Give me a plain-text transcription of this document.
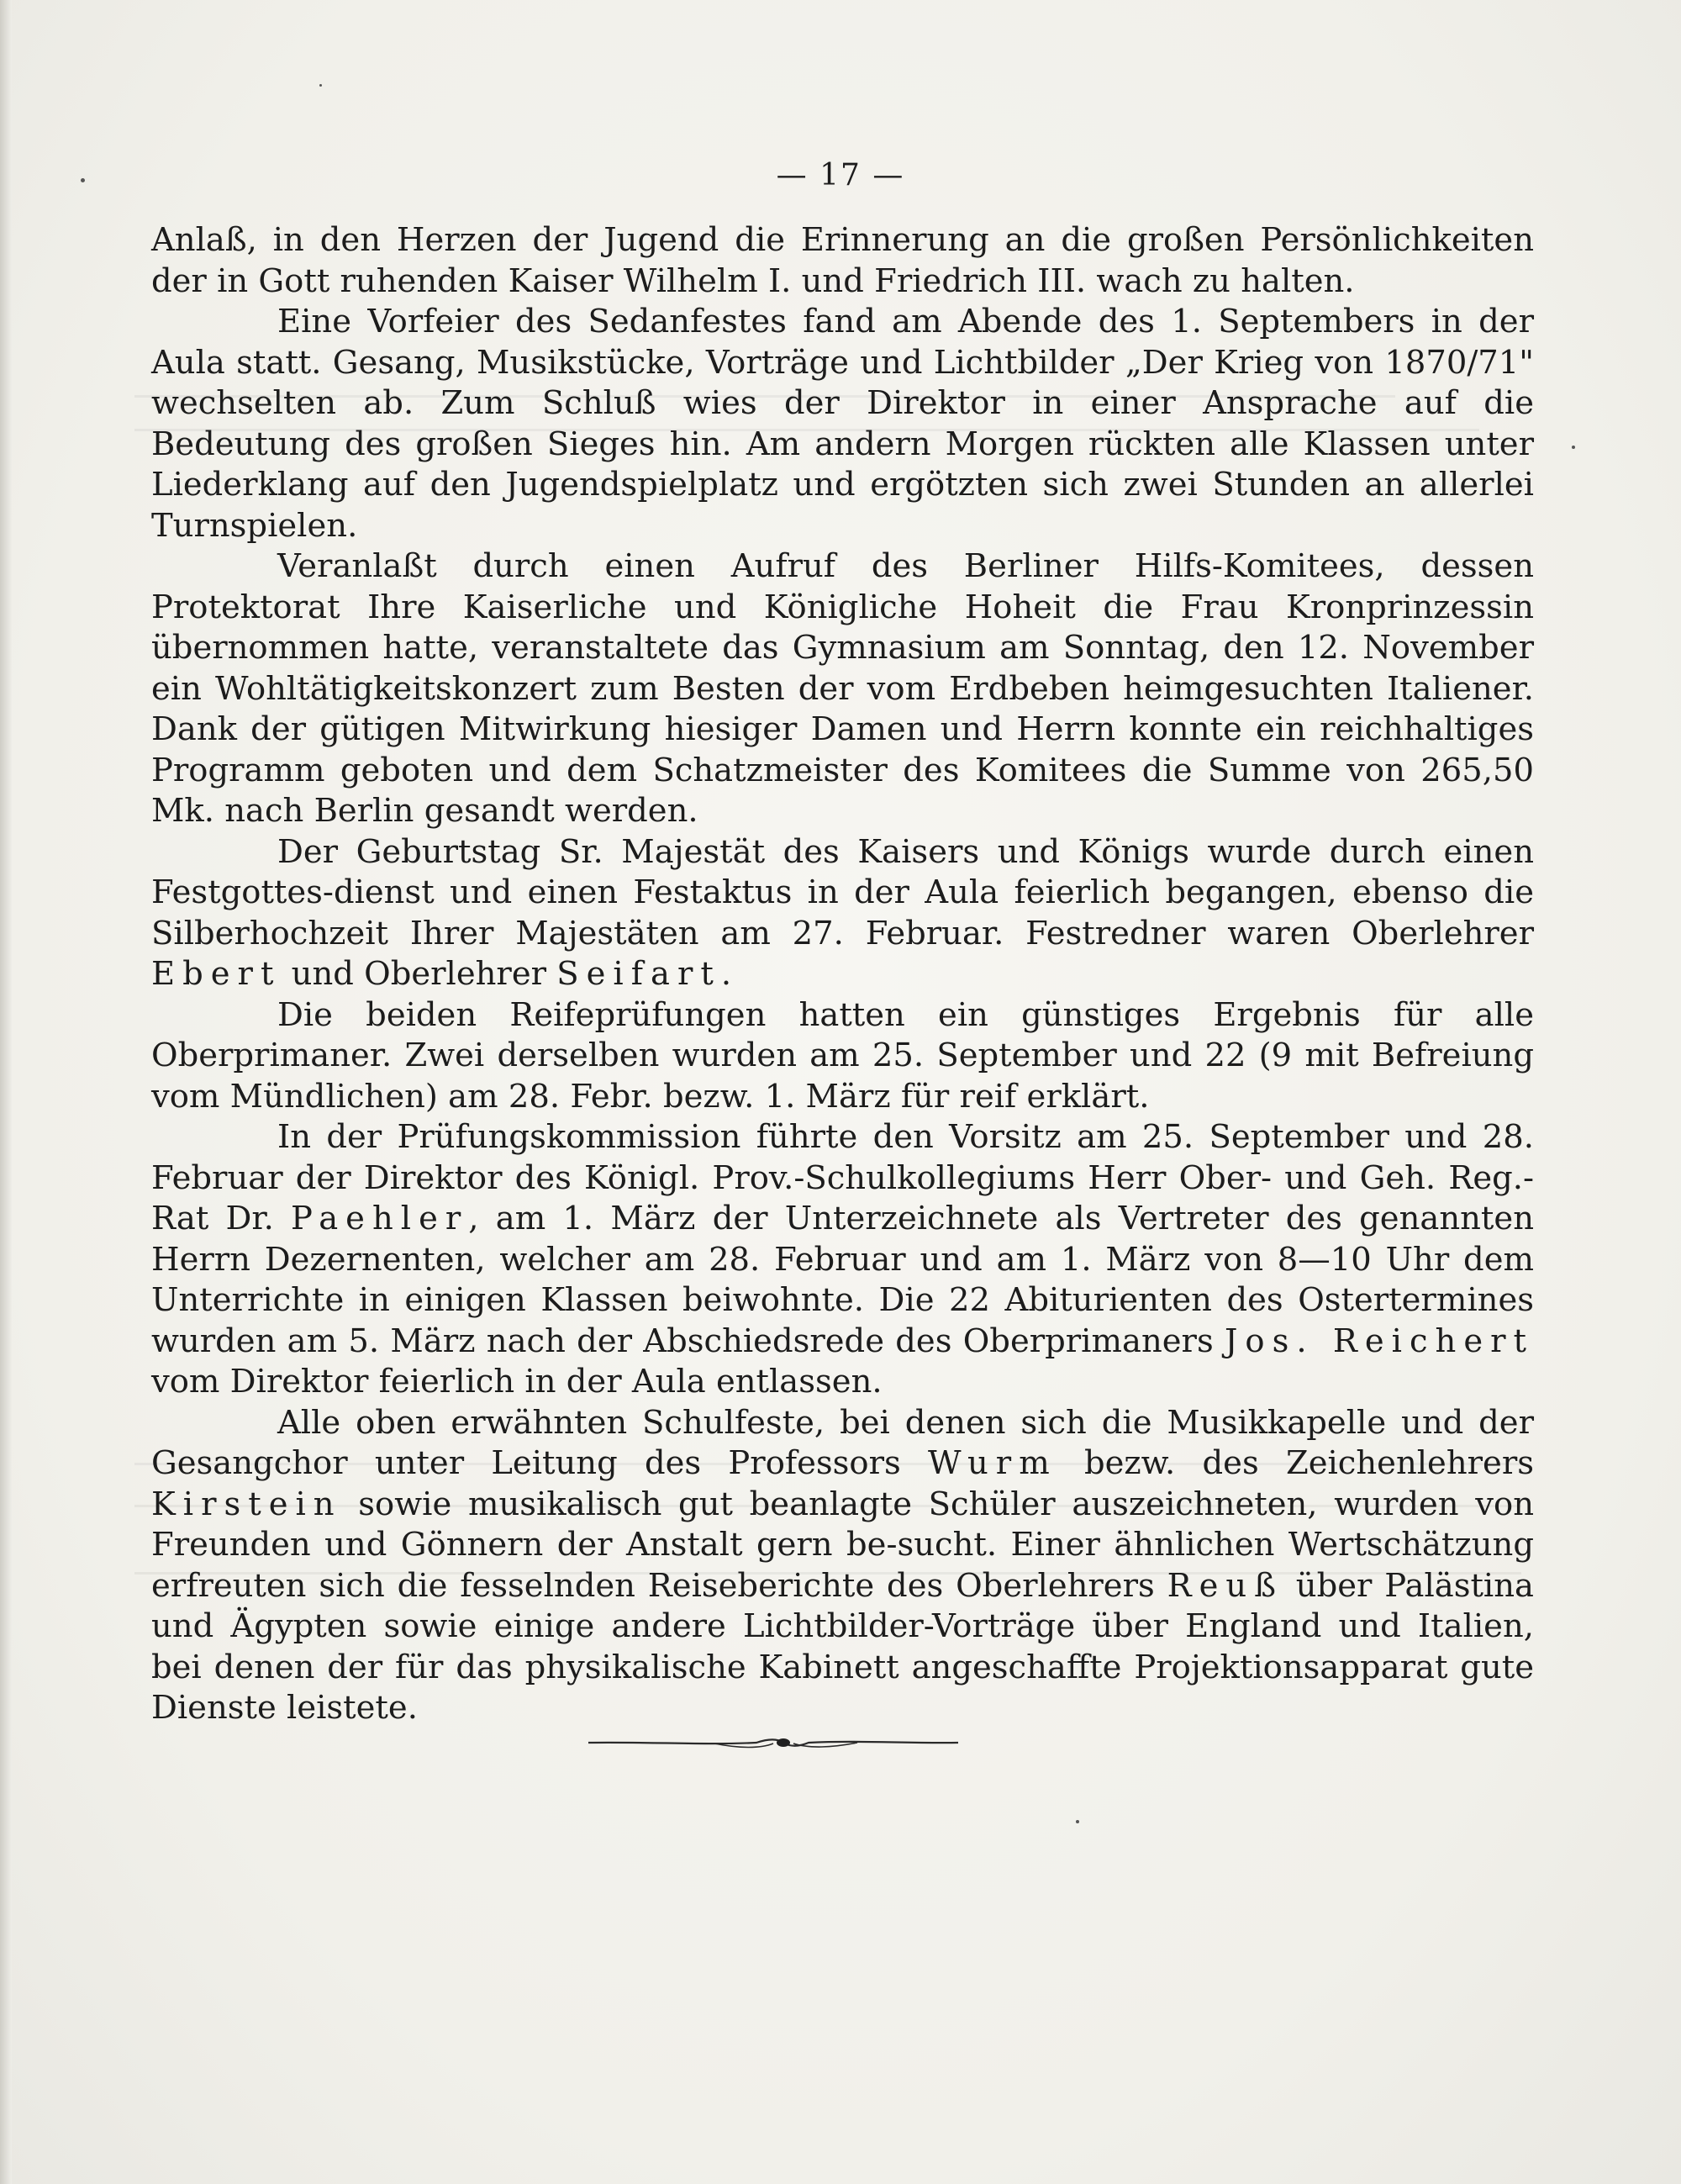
— 17 —

Anlaß, in den Herzen der Jugend die Erinnerung an die großen Persönlichkeiten der in Gott ruhenden Kaiser Wilhelm I. und Friedrich III. wach zu halten.

Eine Vorfeier des Sedanfestes fand am Abende des 1. Septembers in der Aula statt. Gesang, Musikstücke, Vorträge und Lichtbilder „Der Krieg von 1870/71" wechselten ab. Zum Schluß wies der Direktor in einer Ansprache auf die Bedeutung des großen Sieges hin. Am andern Morgen rückten alle Klassen unter Liederklang auf den Jugendspielplatz und ergötzten sich zwei Stunden an allerlei Turnspielen.

Veranlaßt durch einen Aufruf des Berliner Hilfs-Komitees, dessen Protektorat Ihre Kaiserliche und Königliche Hoheit die Frau Kronprinzessin übernommen hatte, veranstaltete das Gymnasium am Sonntag, den 12. November ein Wohltätigkeitskonzert zum Besten der vom Erdbeben heimgesuchten Italiener. Dank der gütigen Mitwirkung hiesiger Damen und Herrn konnte ein reichhaltiges Programm geboten und dem Schatzmeister des Komitees die Summe von 265,50 Mk. nach Berlin gesandt werden.

Der Geburtstag Sr. Majestät des Kaisers und Königs wurde durch einen Festgottes-dienst und einen Festaktus in der Aula feierlich begangen, ebenso die Silberhochzeit Ihrer Majestäten am 27. Februar. Festredner waren Oberlehrer Ebert und Oberlehrer Seifart.

Die beiden Reifeprüfungen hatten ein günstiges Ergebnis für alle Oberprimaner. Zwei derselben wurden am 25. September und 22 (9 mit Befreiung vom Mündlichen) am 28. Febr. bezw. 1. März für reif erklärt.

In der Prüfungskommission führte den Vorsitz am 25. September und 28. Februar der Direktor des Königl. Prov.-Schulkollegiums Herr Ober- und Geh. Reg.-Rat Dr. Paehler, am 1. März der Unterzeichnete als Vertreter des genannten Herrn Dezernenten, welcher am 28. Februar und am 1. März von 8—10 Uhr dem Unterrichte in einigen Klassen beiwohnte. Die 22 Abiturienten des Ostertermines wurden am 5. März nach der Abschiedsrede des Oberprimaners Jos. Reichert vom Direktor feierlich in der Aula entlassen.

Alle oben erwähnten Schulfeste, bei denen sich die Musikkapelle und der Gesangchor unter Leitung des Professors Wurm bezw. des Zeichenlehrers Kirstein sowie musikalisch gut beanlagte Schüler auszeichneten, wurden von Freunden und Gönnern der Anstalt gern be-sucht. Einer ähnlichen Wertschätzung erfreuten sich die fesselnden Reiseberichte des Oberlehrers Reuß über Palästina und Ägypten sowie einige andere Lichtbilder-Vorträge über England und Italien, bei denen der für das physikalische Kabinett angeschaffte Projektionsapparat gute Dienste leistete.
